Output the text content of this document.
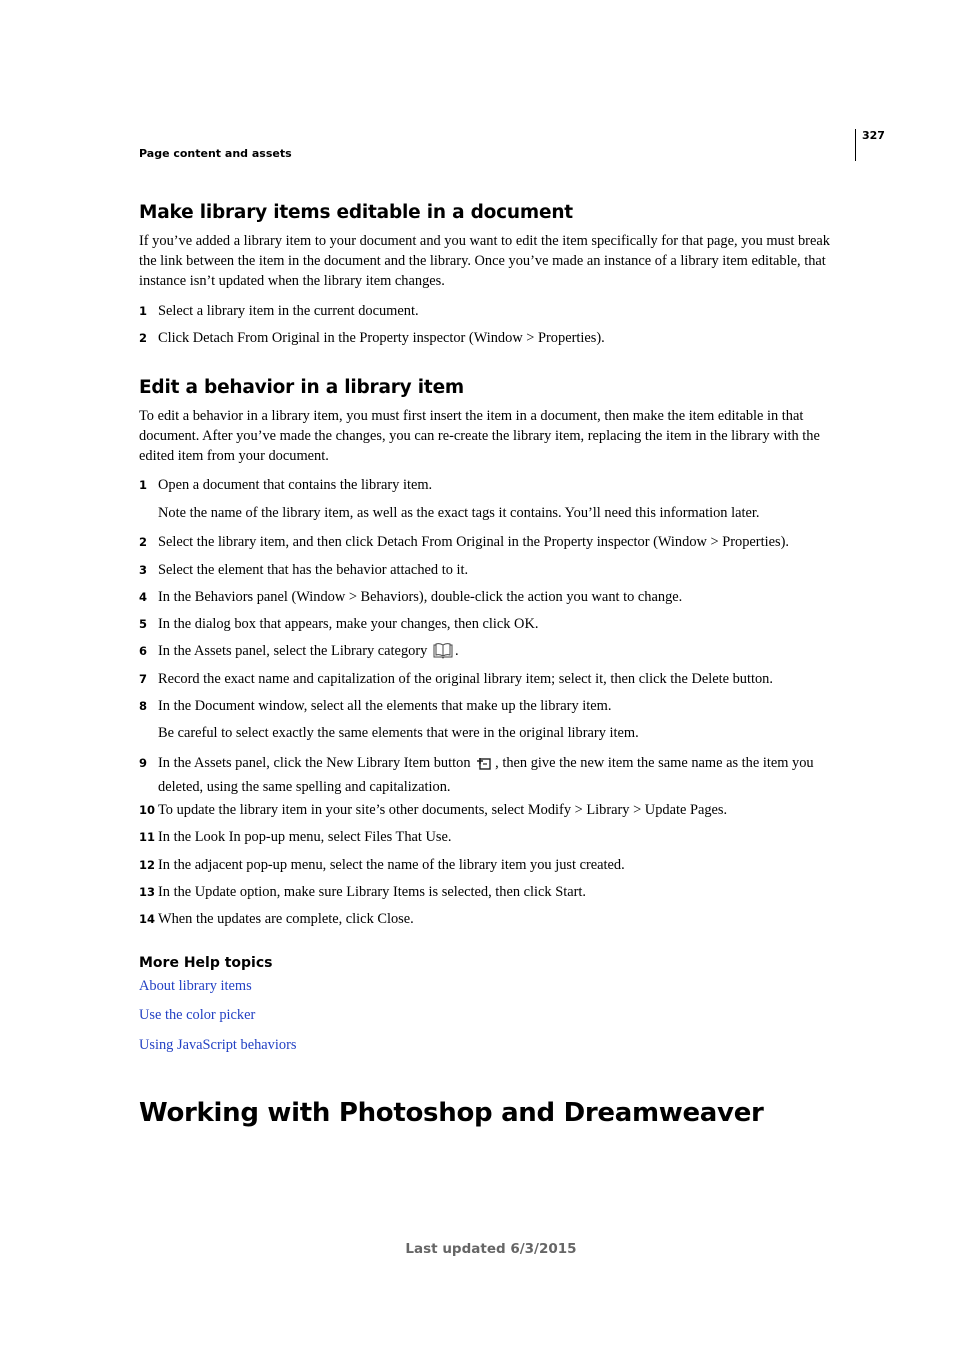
327
Page content and assets
Make library items editable in a document
If you’ve added a library item to your document and you want to edit the item specifically for that page, you must break the link between the item in the document and the library. Once you’ve made an instance of a library item editable, that instance isn’t updated when the library item changes.
1 Select a library item in the current document.
2 Click Detach From Original in the Property inspector (Window > Properties).
Edit a behavior in a library item
To edit a behavior in a library item, you must first insert the item in a document, then make the item editable in that document. After you’ve made the changes, you can re-create the library item, replacing the item in the library with the edited item from your document.
1 Open a document that contains the library item.
Note the name of the library item, as well as the exact tags it contains. You’ll need this information later.
2 Select the library item, and then click Detach From Original in the Property inspector (Window > Properties).
3 Select the element that has the behavior attached to it.
4 In the Behaviors panel (Window > Behaviors), double-click the action you want to change.
5 In the dialog box that appears, make your changes, then click OK.
6 In the Assets panel, select the Library category .
7 Record the exact name and capitalization of the original library item; select it, then click the Delete button.
8 In the Document window, select all the elements that make up the library item.
Be careful to select exactly the same elements that were in the original library item.
9 In the Assets panel, click the New Library Item button , then give the new item the same name as the item you deleted, using the same spelling and capitalization.
10 To update the library item in your site’s other documents, select Modify > Library > Update Pages.
11 In the Look In pop-up menu, select Files That Use.
12 In the adjacent pop-up menu, select the name of the library item you just created.
13 In the Update option, make sure Library Items is selected, then click Start.
14 When the updates are complete, click Close.
More Help topics
About library items
Use the color picker
Using JavaScript behaviors
Working with Photoshop and Dreamweaver
Last updated 6/3/2015
